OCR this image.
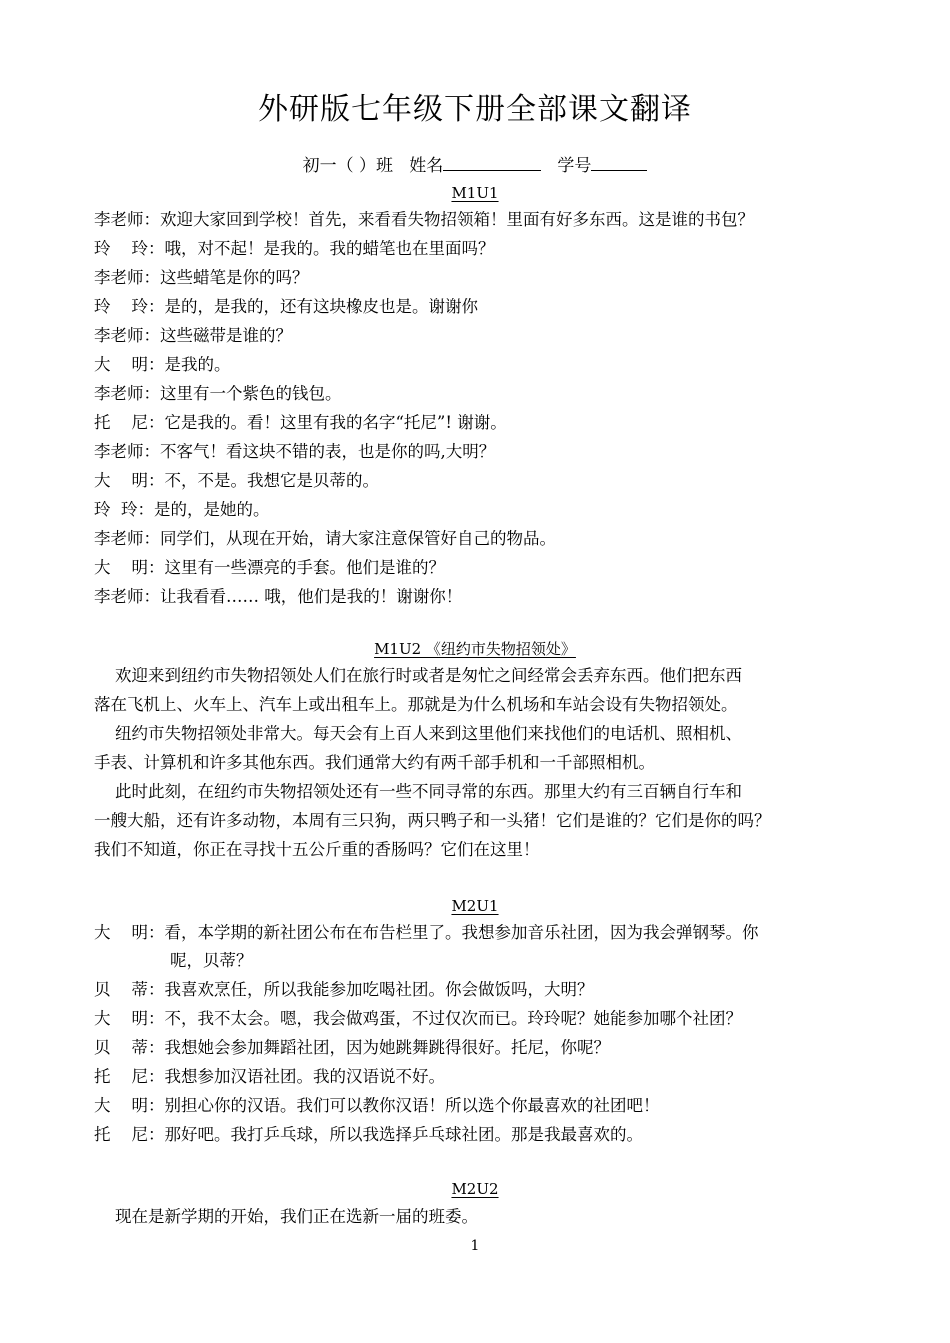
外研版七年级下册全部课文翻译
初一（ ）班 姓名	学号
M1U1
李老师：欢迎大家回到学校！首先，来看看失物招领箱！里面有好多东西。这是谁的书包？
玲    玲：哦，对不起！是我的。我的蜡笔也在里面吗？
李老师：这些蜡笔是你的吗？
玲    玲：是的，是我的，还有这块橡皮也是。谢谢你
李老师：这些磁带是谁的？
大    明：是我的。
李老师：这里有一个紫色的钱包。
托    尼：它是我的。看！这里有我的名字“托尼”! 谢谢。
李老师：不客气！看这块不错的表，也是你的吗,大明？
大    明：不，不是。我想它是贝蒂的。
玲  玲：是的，是她的。
李老师：同学们，从现在开始，请大家注意保管好自己的物品。
大    明：这里有一些漂亮的手套。他们是谁的？
李老师：让我看看…… 哦，他们是我的！谢谢你！
M1U2 《纽约市失物招领处》
欢迎来到纽约市失物招领处人们在旅行时或者是匆忙之间经常会丢弃东西。他们把东西
落在飞机上、火车上、汽车上或出租车上。那就是为什么机场和车站会设有失物招领处。
纽约市失物招领处非常大。每天会有上百人来到这里他们来找他们的电话机、照相机、
手表、计算机和许多其他东西。我们通常大约有两千部手机和一千部照相机。
此时此刻，在纽约市失物招领处还有一些不同寻常的东西。那里大约有三百辆自行车和
一艘大船，还有许多动物，本周有三只狗，两只鸭子和一头猪！它们是谁的？它们是你的吗？
我们不知道，你正在寻找十五公斤重的香肠吗？它们在这里！
M2U1
大    明：看，本学期的新社团公布在布告栏里了。我想参加音乐社团，因为我会弹钢琴。你
呢，贝蒂？
贝    蒂：我喜欢烹任，所以我能参加吃喝社团。你会做饭吗，大明？
大    明：不，我不太会。嗯，我会做鸡蛋，不过仅次而已。玲玲呢？她能参加哪个社团？
贝    蒂：我想她会参加舞蹈社团，因为她跳舞跳得很好。托尼，你呢？
托    尼：我想参加汉语社团。我的汉语说不好。
大    明：别担心你的汉语。我们可以教你汉语！所以选个你最喜欢的社团吧！
托    尼：那好吧。我打乒乓球，所以我选择乒乓球社团。那是我最喜欢的。
M2U2
现在是新学期的开始，我们正在选新一届的班委。
1
